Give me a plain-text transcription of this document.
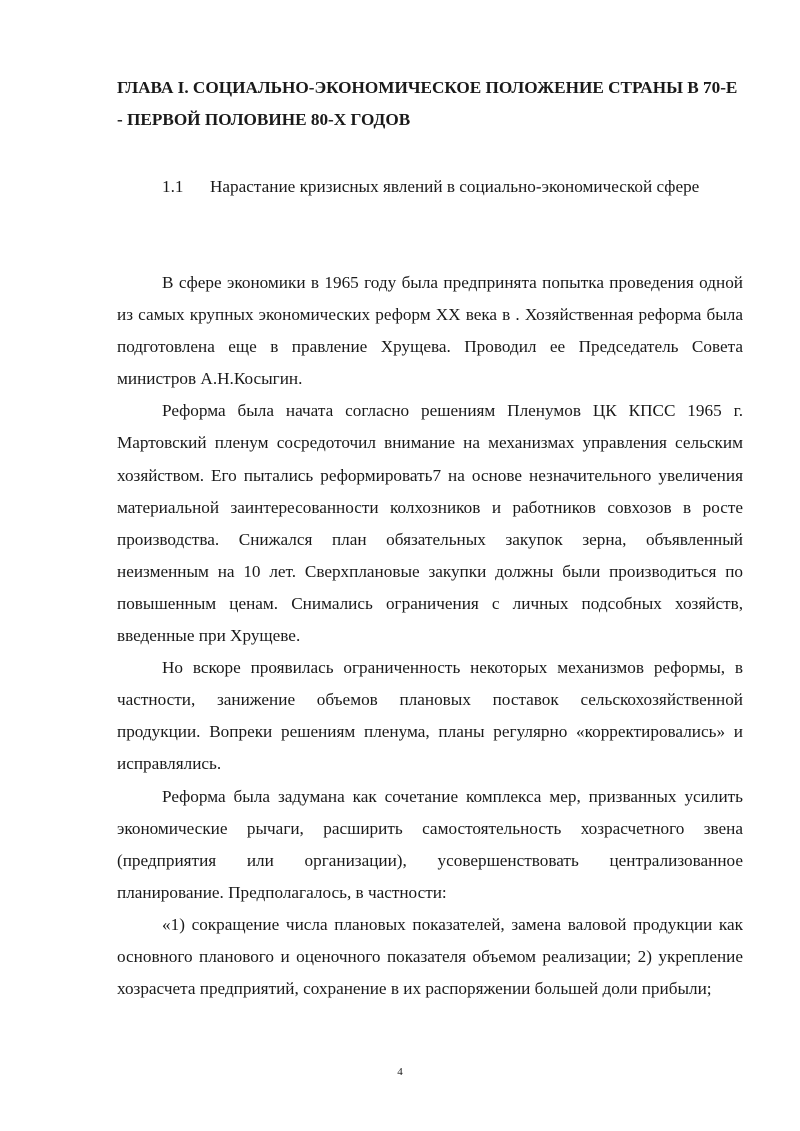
ГЛАВА I. СОЦИАЛЬНО-ЭКОНОМИЧЕСКОЕ ПОЛОЖЕНИЕ СТРАНЫ В 70-Е - ПЕРВОЙ ПОЛОВИНЕ 80-Х ГОДОВ

1.1 Нарастание кризисных явлений в социально-экономической сфере

В сфере экономики в 1965 году была предпринята попытка проведения одной из самых крупных экономических реформ XX века в . Хозяйственная реформа была подготовлена еще в правление Хрущева. Проводил ее Председатель Совета министров А.Н.Косыгин.

Реформа была начата согласно решениям Пленумов ЦК КПСС 1965 г. Мартовский пленум сосредоточил внимание на механизмах управления сельским хозяйством. Его пытались реформировать7 на основе незначительного увеличения материальной заинтересованности колхозников и работников совхозов в росте производства. Снижался план обязательных закупок зерна, объявленный неизменным на 10 лет. Сверхплановые закупки должны были производиться по повышенным ценам. Снимались ограничения с личных подсобных хозяйств, введенные при Хрущеве.

Но вскоре проявилась ограниченность некоторых механизмов реформы, в частности, занижение объемов плановых поставок сельскохозяйственной продукции. Вопреки решениям пленума, планы регулярно «корректировались» и исправлялись.

Реформа была задумана как сочетание комплекса мер, призванных усилить экономические рычаги, расширить самостоятельность хозрасчетного звена (предприятия или организации), усовершенствовать централизованное планирование. Предполагалось, в частности:

«1) сокращение числа плановых показателей, замена валовой продукции как основного планового и оценочного показателя объемом реализации; 2) укрепление хозрасчета предприятий, сохранение в их распоряжении большей доли прибыли;

4
